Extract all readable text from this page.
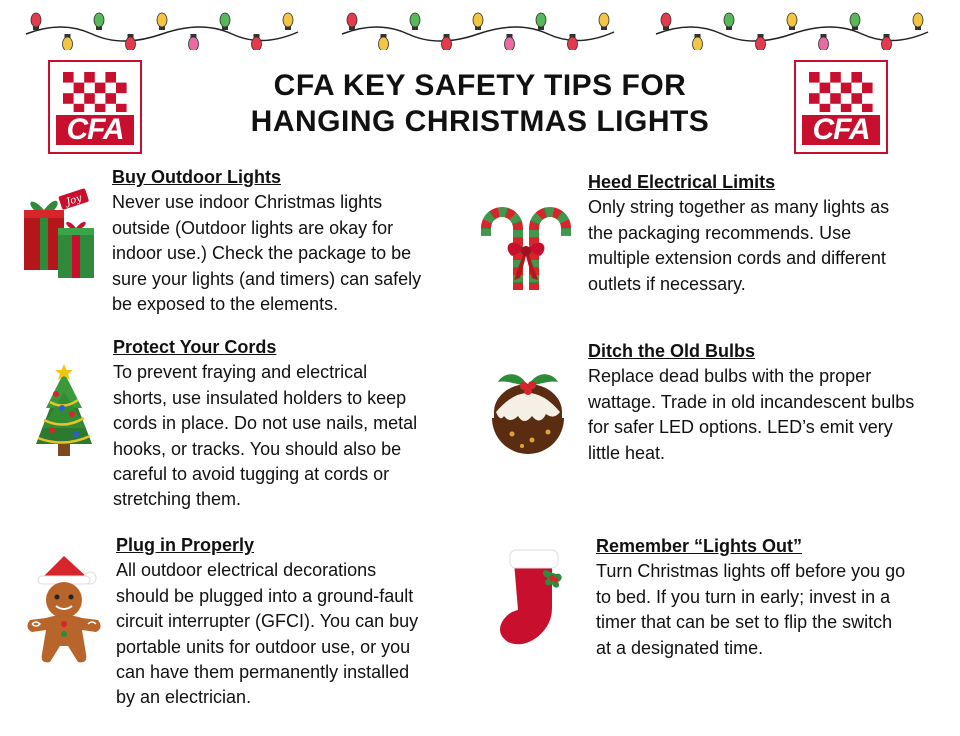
CFA	CFA
CFA KEY SAFETY TIPS FOR
HANGING CHRISTMAS LIGHTS
Joy
Buy Outdoor Lights
Never use indoor Christmas lights
outside (Outdoor lights are okay for
indoor use.) Check the package to be
sure your lights (and timers) can safely
be exposed to the elements.
Heed Electrical Limits
Only string together as many lights as
the packaging recommends. Use
multiple extension cords and different
outlets if necessary.
Protect Your Cords
To prevent fraying and electrical
shorts, use insulated holders to keep
cords in place. Do not use nails, metal
hooks, or tracks. You should also be
careful to avoid tugging at cords or
stretching them.
Ditch the Old Bulbs
Replace dead bulbs with the proper
wattage. Trade in old incandescent bulbs
for safer LED options. LED’s emit very
little heat.
Plug in Properly
All outdoor electrical decorations
should be plugged into a ground-fault
circuit interrupter (GFCI). You can buy
portable units for outdoor use, or you
can have them permanently installed
by an electrician.
Remember “Lights Out”
Turn Christmas lights off before you go
to bed. If you turn in early; invest in a
timer that can be set to flip the switch
at a designated time.
